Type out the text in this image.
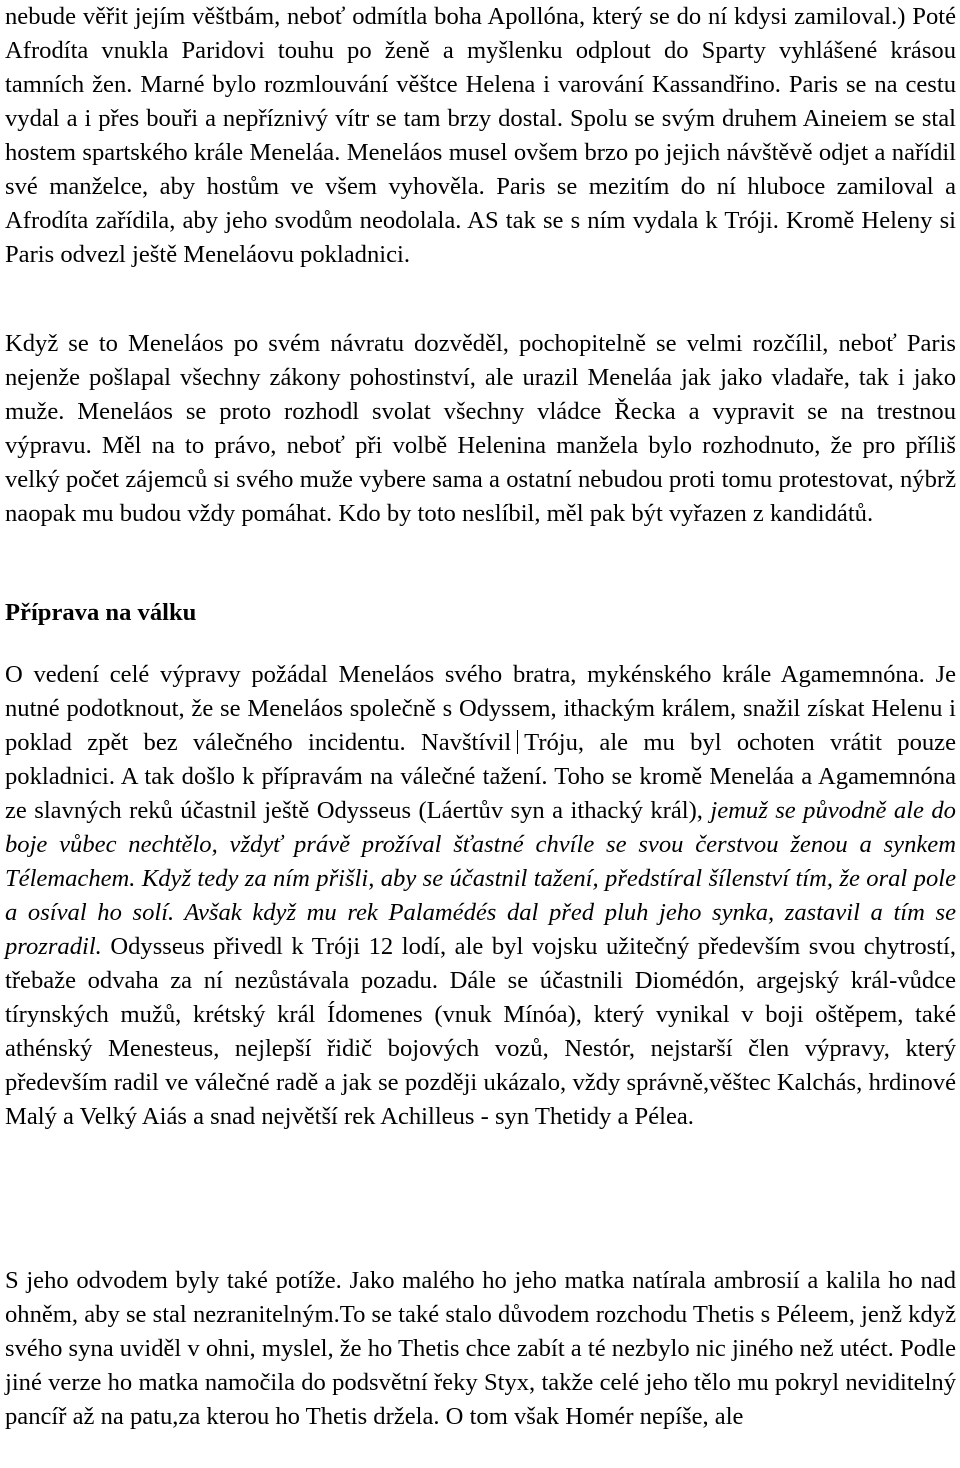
nebude věřit jejím věštbám, neboť odmítla boha Apollóna, který se do ní kdysi zamiloval.) Poté Afrodíta vnukla Paridovi touhu po ženě a myšlenku odplout do Sparty vyhlášené krásou tamních žen. Marné bylo rozmlouvání věštce Helena i varování Kassandřino. Paris se na cestu vydal a i přes bouři a nepříznivý vítr se tam brzy dostal. Spolu se svým druhem Aineiem se stal hostem spartského krále Meneláa. Meneláos musel ovšem brzo po jejich návštěvě odjet a nařídil své manželce, aby hostům ve všem vyhověla. Paris se mezitím do ní hluboce zamiloval a Afrodíta zařídila, aby jeho svodům neodolala. AS tak se s ním vydala k Tróji. Kromě Heleny si Paris odvezl ještě Meneláovu pokladnici.

Když se to Meneláos po svém návratu dozvěděl, pochopitelně se velmi rozčílil, neboť Paris nejenže pošlapal všechny zákony pohostinství, ale urazil Meneláa jak jako vladaře, tak i jako muže. Meneláos se proto rozhodl svolat všechny vládce Řecka a vypravit se na trestnou výpravu. Měl na to právo, neboť při volbě Helenina manžela bylo rozhodnuto, že pro příliš velký počet zájemců si svého muže vybere sama a ostatní nebudou proti tomu protestovat, nýbrž naopak mu budou vždy pomáhat. Kdo by toto neslíbil, měl pak být vyřazen z kandidátů.

Příprava na válku

O vedení celé výpravy požádal Meneláos svého bratra, mykénského krále Agamemnóna. Je nutné podotknout, že se Meneláos společně s Odyssem, ithackým králem, snažil získat Helenu i poklad zpět bez válečného incidentu. Navštívil Tróju, ale mu byl ochoten vrátit pouze pokladnici. A tak došlo k přípravám na válečné tažení. Toho se kromě Meneláa a Agamemnóna ze slavných reků účastnil ještě Odysseus (Láertův syn a ithacký král), jemuž se původně ale do boje vůbec nechtělo, vždyť právě prožíval šťastné chvíle se svou čerstvou ženou a synkem Télemachem. Když tedy za ním přišli, aby se účastnil tažení, předstíral šílenství tím, že oral pole a osíval ho solí. Avšak když mu rek Palamédés dal před pluh jeho synka, zastavil a tím se prozradil. Odysseus přivedl k Tróji 12 lodí, ale byl vojsku užitečný především svou chytrostí, třebaže odvaha za ní nezůstávala pozadu. Dále se účastnili Diomédón, argejský král-vůdce tírynských mužů, krétský král Ídomenes (vnuk Mínóa), který vynikal v boji oštěpem, také athénský Menesteus, nejlepší řidič bojových vozů, Nestór, nejstarší člen výpravy, který především radil ve válečné radě a jak se později ukázalo, vždy správně,věštec Kalchás, hrdinové Malý a Velký Aiás a snad největší rek Achilleus - syn Thetidy a Pélea.

S jeho odvodem byly také potíže. Jako malého ho jeho matka natírala ambrosií a kalila ho nad ohněm, aby se stal nezranitelným.To se také stalo důvodem rozchodu Thetis s Péleem, jenž když svého syna uviděl v ohni, myslel, že ho Thetis chce zabít a té nezbylo nic jiného než utéct. Podle jiné verze ho matka namočila do podsvětní řeky Styx, takže celé jeho tělo mu pokryl neviditelný pancíř až na patu,za kterou ho Thetis držela. O tom však Homér nepíše, ale
